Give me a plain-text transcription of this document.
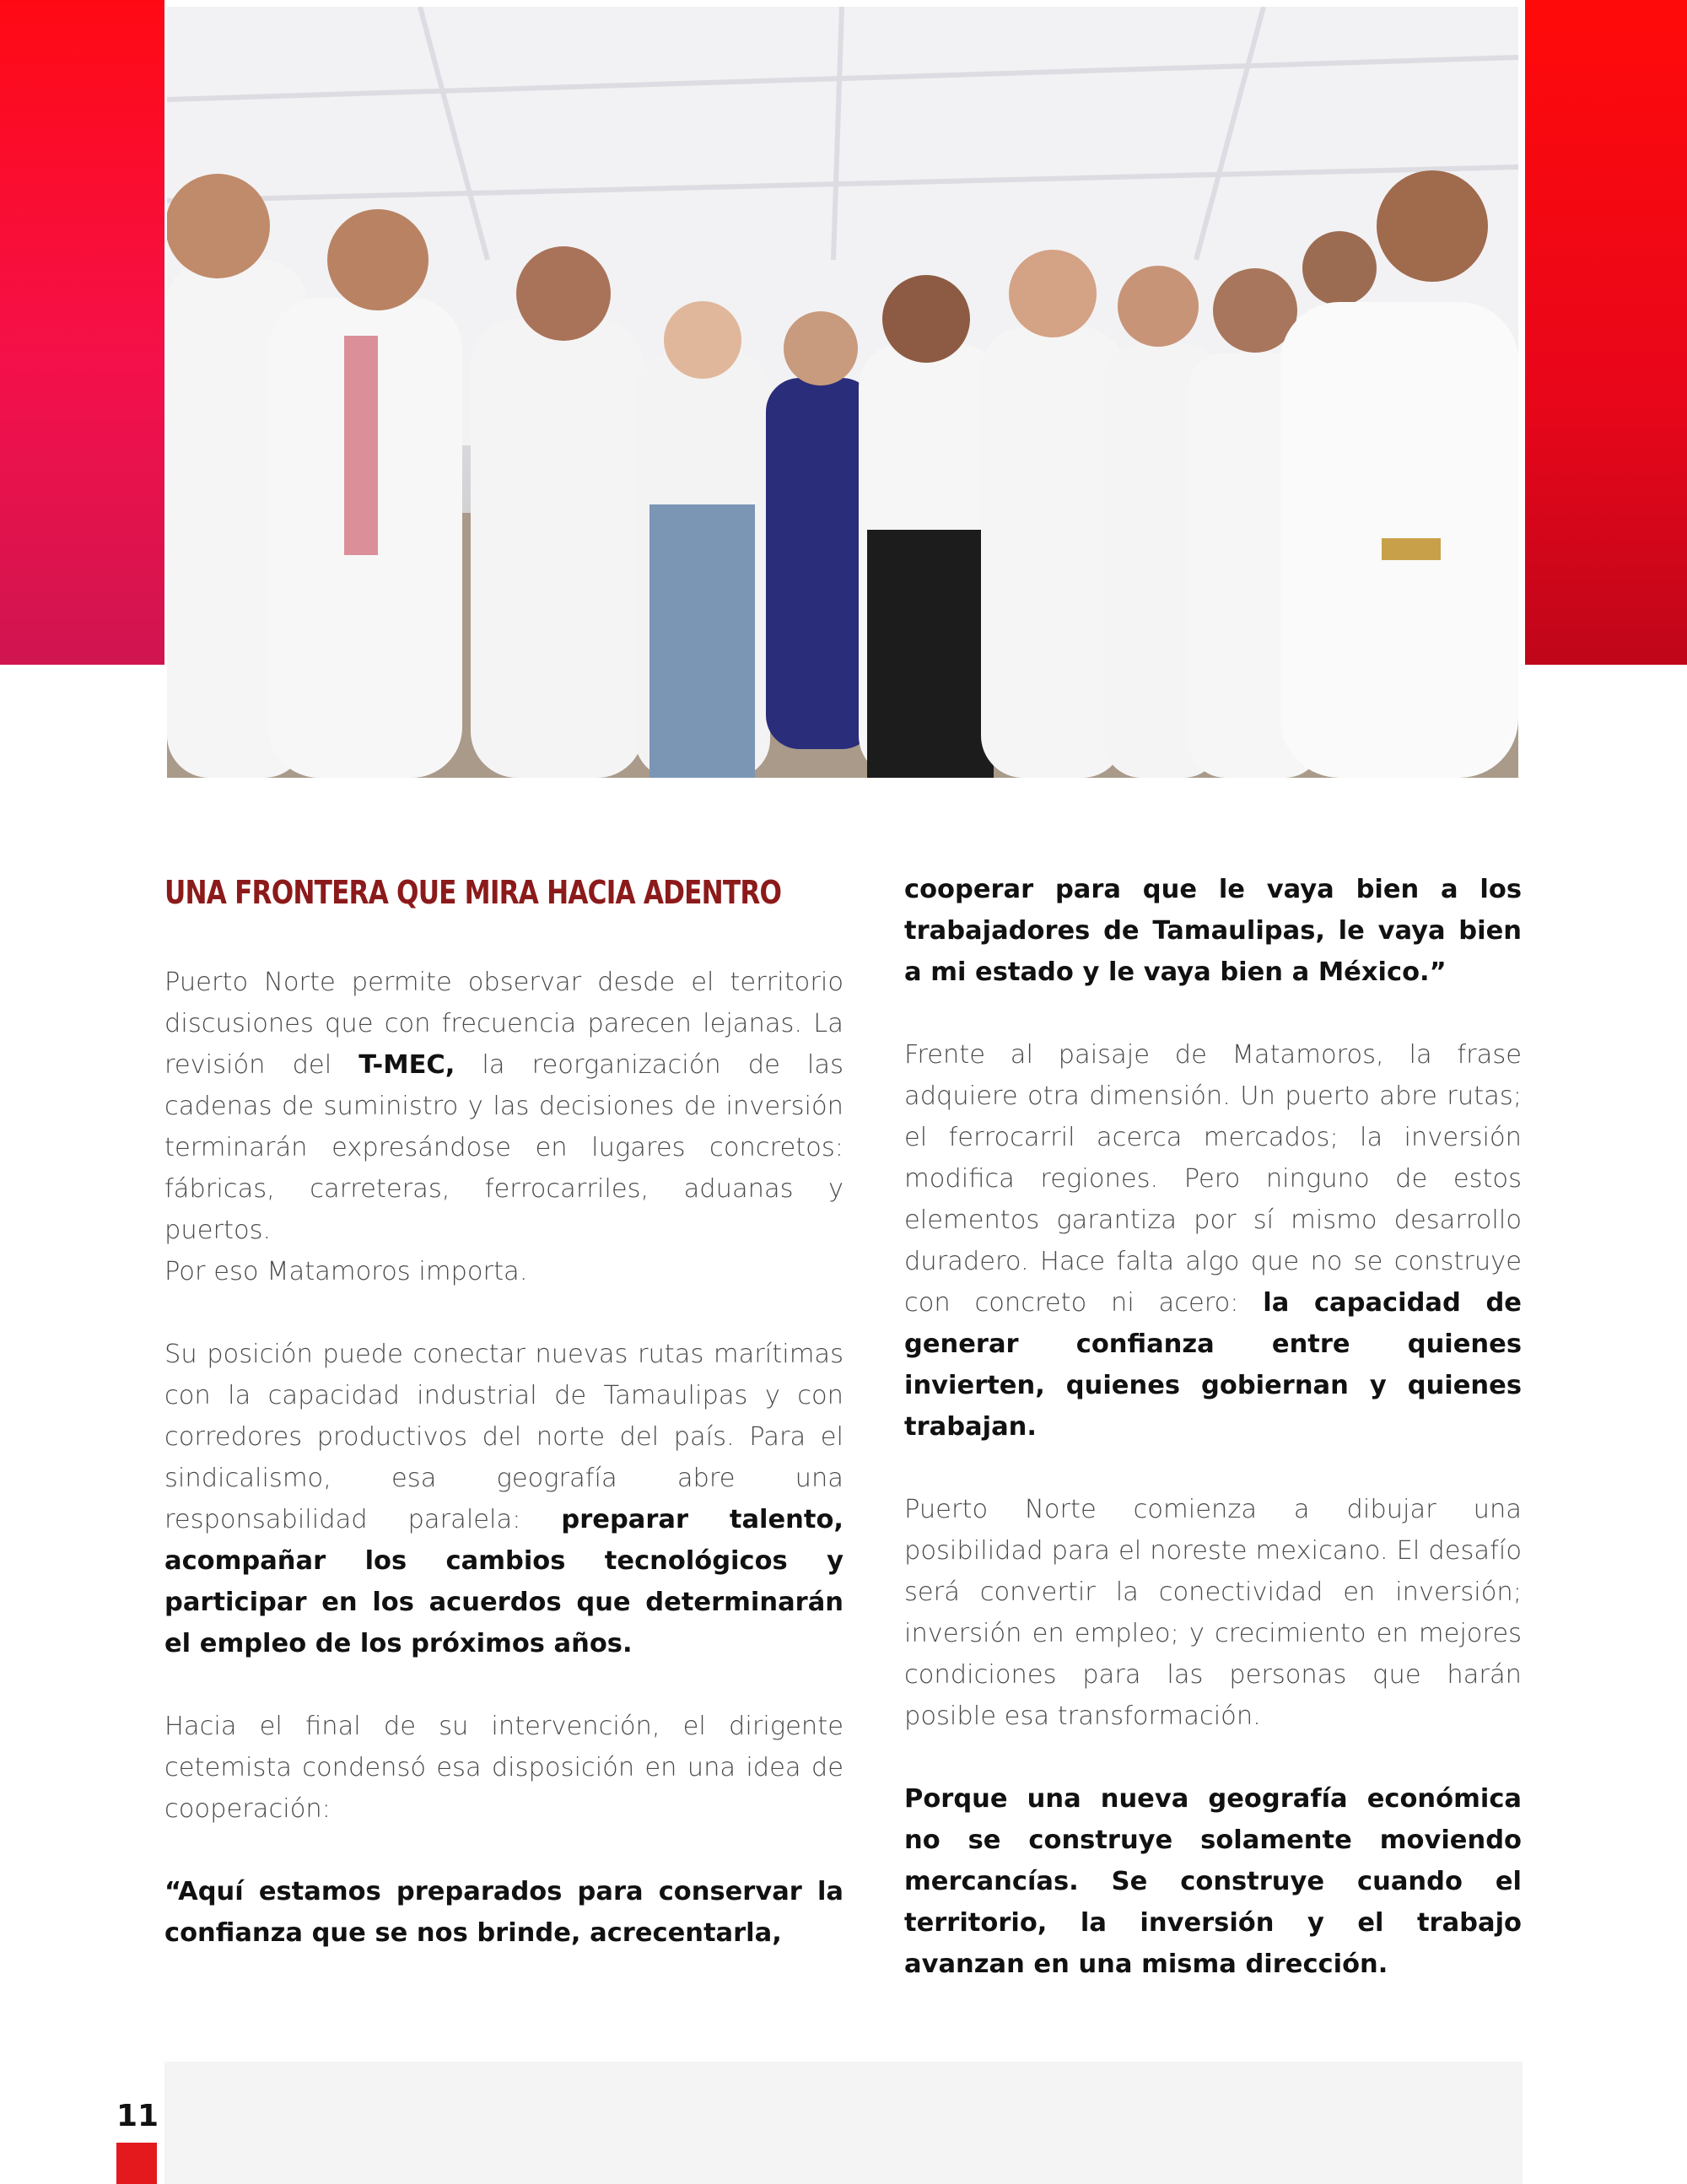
UNA FRONTERA QUE MIRA HACIA ADENTRO

Puerto Norte permite observar desde el territorio discusiones que con frecuencia parecen lejanas. La revisión del T-MEC, la reorganización de las cadenas de suministro y las decisiones de inversión terminarán expresándose en lugares concretos: fábricas, carreteras, ferrocarriles, aduanas y puertos.
Por eso Matamoros importa.

Su posición puede conectar nuevas rutas marítimas con la capacidad industrial de Tamaulipas y con corredores productivos del norte del país. Para el sindicalismo, esa geografía abre una responsabilidad paralela: preparar talento, acompañar los cambios tecnológicos y participar en los acuerdos que determinarán el empleo de los próximos años.

Hacia el final de su intervención, el dirigente cetemista condensó esa disposición en una idea de cooperación:

“Aquí estamos preparados para conservar la confianza que se nos brinde, acrecentarla,

cooperar para que le vaya bien a los trabajadores de Tamaulipas, le vaya bien a mi estado y le vaya bien a México.”

Frente al paisaje de Matamoros, la frase adquiere otra dimensión. Un puerto abre rutas; el ferrocarril acerca mercados; la inversión modifica regiones. Pero ninguno de estos elementos garantiza por sí mismo desarrollo duradero. Hace falta algo que no se construye con concreto ni acero: la capacidad de generar confianza entre quienes invierten, quienes gobiernan y quienes trabajan.

Puerto Norte comienza a dibujar una posibilidad para el noreste mexicano. El desafío será convertir la conectividad en inversión; inversión en empleo; y crecimiento en mejores condiciones para las personas que harán posible esa transformación.

Porque una nueva geografía económica no se construye solamente moviendo mercancías. Se construye cuando el territorio, la inversión y el trabajo avanzan en una misma dirección.

11
